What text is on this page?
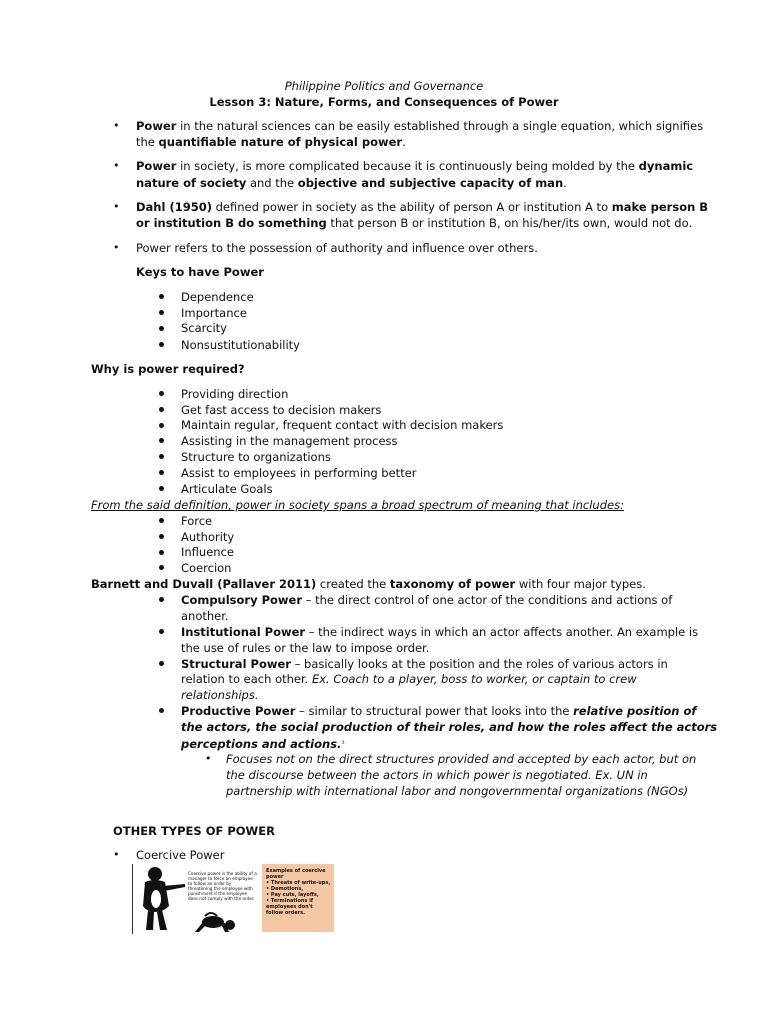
Philippine Politics and Governance
Lesson 3: Nature, Forms, and Consequences of Power
• Power in the natural sciences can be easily established through a single equation, which signifies
the quantifiable nature of physical power.
• Power in society, is more complicated because it is continuously being molded by the dynamic
nature of society and the objective and subjective capacity of man.
• Dahl (1950) defined power in society as the ability of person A or institution A to make person B
or institution B do something that person B or institution B, on his/her/its own, would not do.
• Power refers to the possession of authority and influence over others.
Keys to have Power
Dependence
Importance
Scarcity
Nonsustitutionability
Why is power required?
Providing direction
Get fast access to decision makers
Maintain regular, frequent contact with decision makers
Assisting in the management process
Structure to organizations
Assist to employees in performing better
Articulate Goals
From the said definition, power in society spans a broad spectrum of meaning that includes:
Force
Authority
Influence
Coercion
Barnett and Duvall (Pallaver 2011) created the taxonomy of power with four major types.
Compulsory Power – the direct control of one actor of the conditions and actions of
another.
Institutional Power – the indirect ways in which an actor affects another. An example is
the use of rules or the law to impose order.
Structural Power – basically looks at the position and the roles of various actors in
relation to each other. Ex. Coach to a player, boss to worker, or captain to crew
relationships.
Productive Power – similar to structural power that looks into the relative position of
the actors, the social production of their roles, and how the roles affect the actors
perceptions and actions.$^{^1}$
• Focuses not on the direct structures provided and accepted by each actor, but on
the discourse between the actors in which power is negotiated. Ex. UN in
partnership with international labor and nongovernmental organizations (NGOs)
OTHER TYPES OF POWER
• Coercive Power
Coercive power is the ability of a
manager to force an employee
to follow an order by
threatening the employee with
punishment if the employee
does not comply with the order.
Examples of coercive
power
• Threats of write-ups,
• Demotions,
• Pay cuts, layoffs,
• Terminations if
employees don't
follow orders.
